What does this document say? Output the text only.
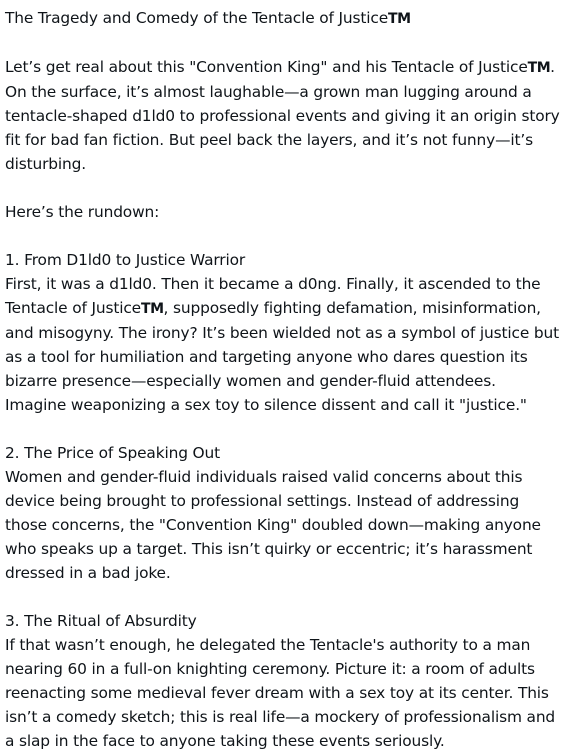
The Tragedy and Comedy of the Tentacle of JusticeTM

Let’s get real about this "Convention King" and his Tentacle of JusticeTM.
On the surface, it’s almost laughable—a grown man lugging around a
tentacle-shaped d1ld0 to professional events and giving it an origin story
fit for bad fan fiction. But peel back the layers, and it’s not funny—it’s
disturbing.

Here’s the rundown:

1. From D1ld0 to Justice Warrior
First, it was a d1ld0. Then it became a d0ng. Finally, it ascended to the
Tentacle of JusticeTM, supposedly fighting defamation, misinformation,
and misogyny. The irony? It’s been wielded not as a symbol of justice but
as a tool for humiliation and targeting anyone who dares question its
bizarre presence—especially women and gender-fluid attendees.
Imagine weaponizing a sex toy to silence dissent and call it "justice."

2. The Price of Speaking Out
Women and gender-fluid individuals raised valid concerns about this
device being brought to professional settings. Instead of addressing
those concerns, the "Convention King" doubled down—making anyone
who speaks up a target. This isn’t quirky or eccentric; it’s harassment
dressed in a bad joke.

3. The Ritual of Absurdity
If that wasn’t enough, he delegated the Tentacle's authority to a man
nearing 60 in a full-on knighting ceremony. Picture it: a room of adults
reenacting some medieval fever dream with a sex toy at its center. This
isn’t a comedy sketch; this is real life—a mockery of professionalism and
a slap in the face to anyone taking these events seriously.
